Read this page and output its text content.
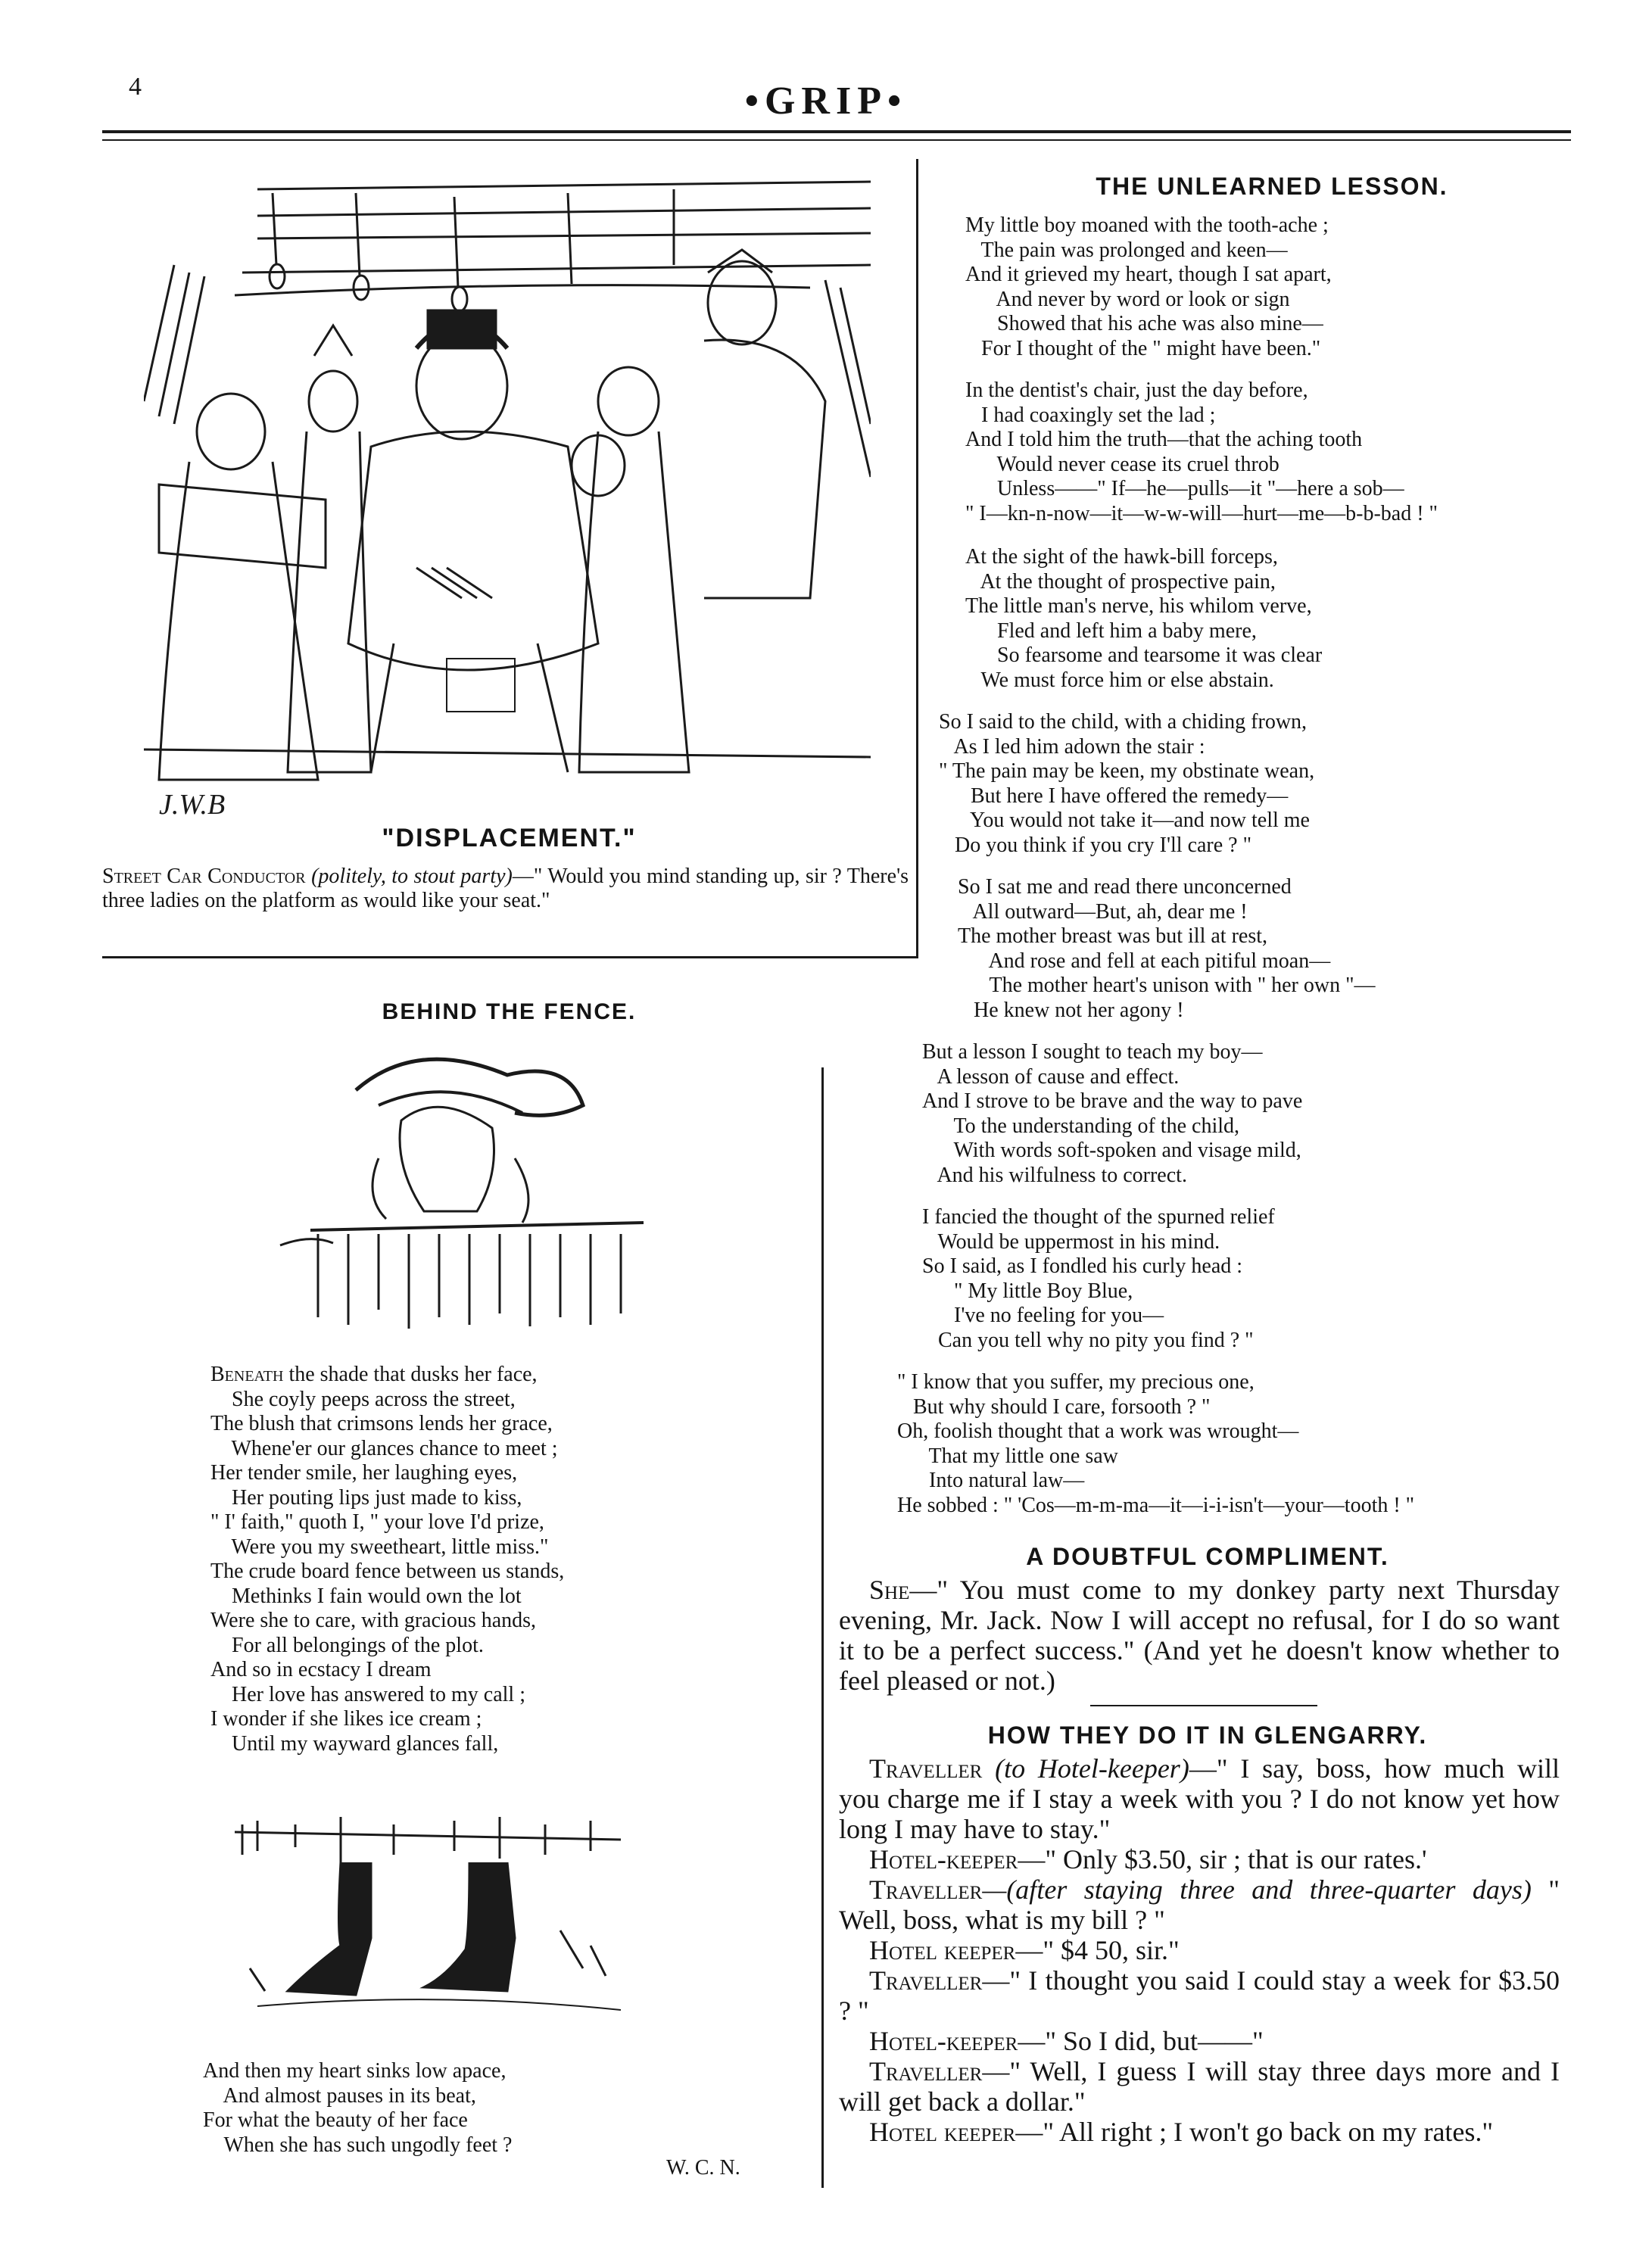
4	•GRIP•
J.W.B
"DISPLACEMENT."
Street Car Conductor (politely, to stout party)—" Would you mind standing up, sir ? There's three ladies on the platform as would like your seat."
BEHIND THE FENCE.
Beneath the shade that dusks her face,

She coyly peeps across the street,
The blush that crimsons lends her grace,
Whene'er our glances chance to meet ;
Her tender smile, her laughing eyes,
Her pouting lips just made to kiss,
" I' faith," quoth I, " your love I'd prize,
Were you my sweetheart, little miss."
The crude board fence between us stands,
Methinks I fain would own the lot
Were she to care, with gracious hands,
For all belongings of the plot.
And so in ecstacy I dream
Her love has answered to my call ;
I wonder if she likes ice cream ;
Until my wayward glances fall,
And then my heart sinks low apace,
And almost pauses in its beat,
For what the beauty of her face
When she has such ungodly feet ?
W. C. N.
THE UNLEARNED LESSON.
My little boy moaned with the tooth-ache ;
The pain was prolonged and keen—
And it grieved my heart, though I sat apart,
And never by word or look or sign
Showed that his ache was also mine—
For I thought of the " might have been."
In the dentist's chair, just the day before,
I had coaxingly set the lad ;
And I told him the truth—that the aching tooth
Would never cease its cruel throb
Unless——" If—he—pulls—it "—here a sob—
" I—kn-n-now—it—w-w-will—hurt—me—b-b-bad ! "
At the sight of the hawk-bill forceps,
At the thought of prospective pain,
The little man's nerve, his whilom verve,
Fled and left him a baby mere,
So fearsome and tearsome it was clear
We must force him or else abstain.
So I said to the child, with a chiding frown,
As I led him adown the stair :
" The pain may be keen, my obstinate wean,
But here I have offered the remedy—
You would not take it—and now tell me
Do you think if you cry I'll care ? "
So I sat me and read there unconcerned
All outward—But, ah, dear me !
The mother breast was but ill at rest,
And rose and fell at each pitiful moan—
The mother heart's unison with " her own "—
He knew not her agony !
But a lesson I sought to teach my boy—
A lesson of cause and effect.
And I strove to be brave and the way to pave
To the understanding of the child,
With words soft-spoken and visage mild,
And his wilfulness to correct.
I fancied the thought of the spurned relief
Would be uppermost in his mind.
So I said, as I fondled his curly head :
" My little Boy Blue,
I've no feeling for you—
Can you tell why no pity you find ? "
" I know that you suffer, my precious one,
But why should I care, forsooth ? "
Oh, foolish thought that a work was wrought—
That my little one saw
Into natural law—
He sobbed : " 'Cos—m-m-ma—it—i-i-isn't—your—tooth ! "
A DOUBTFUL COMPLIMENT.
She—" You must come to my donkey party next Thursday evening, Mr. Jack. Now I will accept no refusal, for I do so want it to be a perfect success." (And yet he doesn't know whether to feel pleased or not.)
HOW THEY DO IT IN GLENGARRY.
Traveller (to Hotel-keeper)—" I say, boss, how much will you charge me if I stay a week with you ? I do not know yet how long I may have to stay."
Hotel-keeper—" Only $3.50, sir ; that is our rates.'
Traveller—(after staying three and three-quarter days) " Well, boss, what is my bill ? "
Hotel keeper—" $4 50, sir."
Traveller—" I thought you said I could stay a week for $3.50 ? "
Hotel-keeper—" So I did, but——"
Traveller—" Well, I guess I will stay three days more and I will get back a dollar."
Hotel keeper—" All right ; I won't go back on my rates."
